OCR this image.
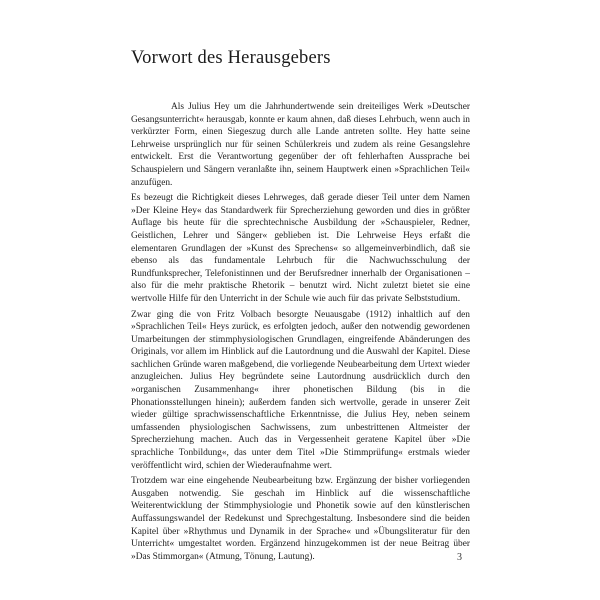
Vorwort des Herausgebers

Als Julius Hey um die Jahrhundertwende sein dreiteiliges Werk »Deutscher Gesangsunterricht« herausgab, konnte er kaum ahnen, daß dieses Lehrbuch, wenn auch in verkürzter Form, einen Siegeszug durch alle Lande antreten sollte. Hey hatte seine Lehrweise ursprünglich nur für seinen Schülerkreis und zudem als reine Gesangslehre entwickelt. Erst die Verantwortung gegenüber der oft fehlerhaften Aussprache bei Schauspielern und Sängern veranlaßte ihn, seinem Hauptwerk einen »Sprachlichen Teil« anzufügen.

Es bezeugt die Richtigkeit dieses Lehrweges, daß gerade dieser Teil unter dem Namen »Der Kleine Hey« das Standardwerk für Sprecherziehung geworden und dies in größter Auflage bis heute für die sprechtechnische Ausbildung der »Schauspieler, Redner, Geistlichen, Lehrer und Sänger« geblieben ist. Die Lehrweise Heys erfaßt die elementaren Grundlagen der »Kunst des Sprechens« so allgemeinverbindlich, daß sie ebenso als das fundamentale Lehrbuch für die Nachwuchsschulung der Rundfunksprecher, Telefonistinnen und der Berufsredner innerhalb der Organisationen – also für die mehr praktische Rhetorik – benutzt wird. Nicht zuletzt bietet sie eine wertvolle Hilfe für den Unterricht in der Schule wie auch für das private Selbststudium.

Zwar ging die von Fritz Volbach besorgte Neuausgabe (1912) inhaltlich auf den »Sprachlichen Teil« Heys zurück, es erfolgten jedoch, außer den notwendig gewordenen Umarbeitungen der stimmphysiologischen Grundlagen, eingreifende Abänderungen des Originals, vor allem im Hinblick auf die Lautordnung und die Auswahl der Kapitel. Diese sachlichen Gründe waren maßgebend, die vorliegende Neubearbeitung dem Urtext wieder anzugleichen. Julius Hey begründete seine Lautordnung ausdrücklich durch den »organischen Zusammenhang« ihrer phonetischen Bildung (bis in die Phonationsstellungen hinein); außerdem fanden sich wertvolle, gerade in unserer Zeit wieder gültige sprachwissenschaftliche Erkenntnisse, die Julius Hey, neben seinem umfassenden physiologischen Sachwissens, zum unbestrittenen Altmeister der Sprecherziehung machen. Auch das in Vergessenheit geratene Kapitel über »Die sprachliche Tonbildung«, das unter dem Titel »Die Stimmprüfung« erstmals wieder veröffentlicht wird, schien der Wiederaufnahme wert.

Trotzdem war eine eingehende Neubearbeitung bzw. Ergänzung der bisher vorliegenden Ausgaben notwendig. Sie geschah im Hinblick auf die wissenschaftliche Weiterentwicklung der Stimmphysiologie und Phonetik sowie auf den künstlerischen Auffassungswandel der Redekunst und Sprechgestaltung. Insbesondere sind die beiden Kapitel über »Rhythmus und Dynamik in der Sprache« und »Übungsliteratur für den Unterricht« umgestaltet worden. Ergänzend hinzugekommen ist der neue Beitrag über »Das Stimmorgan« (Atmung, Tönung, Lautung).	3
